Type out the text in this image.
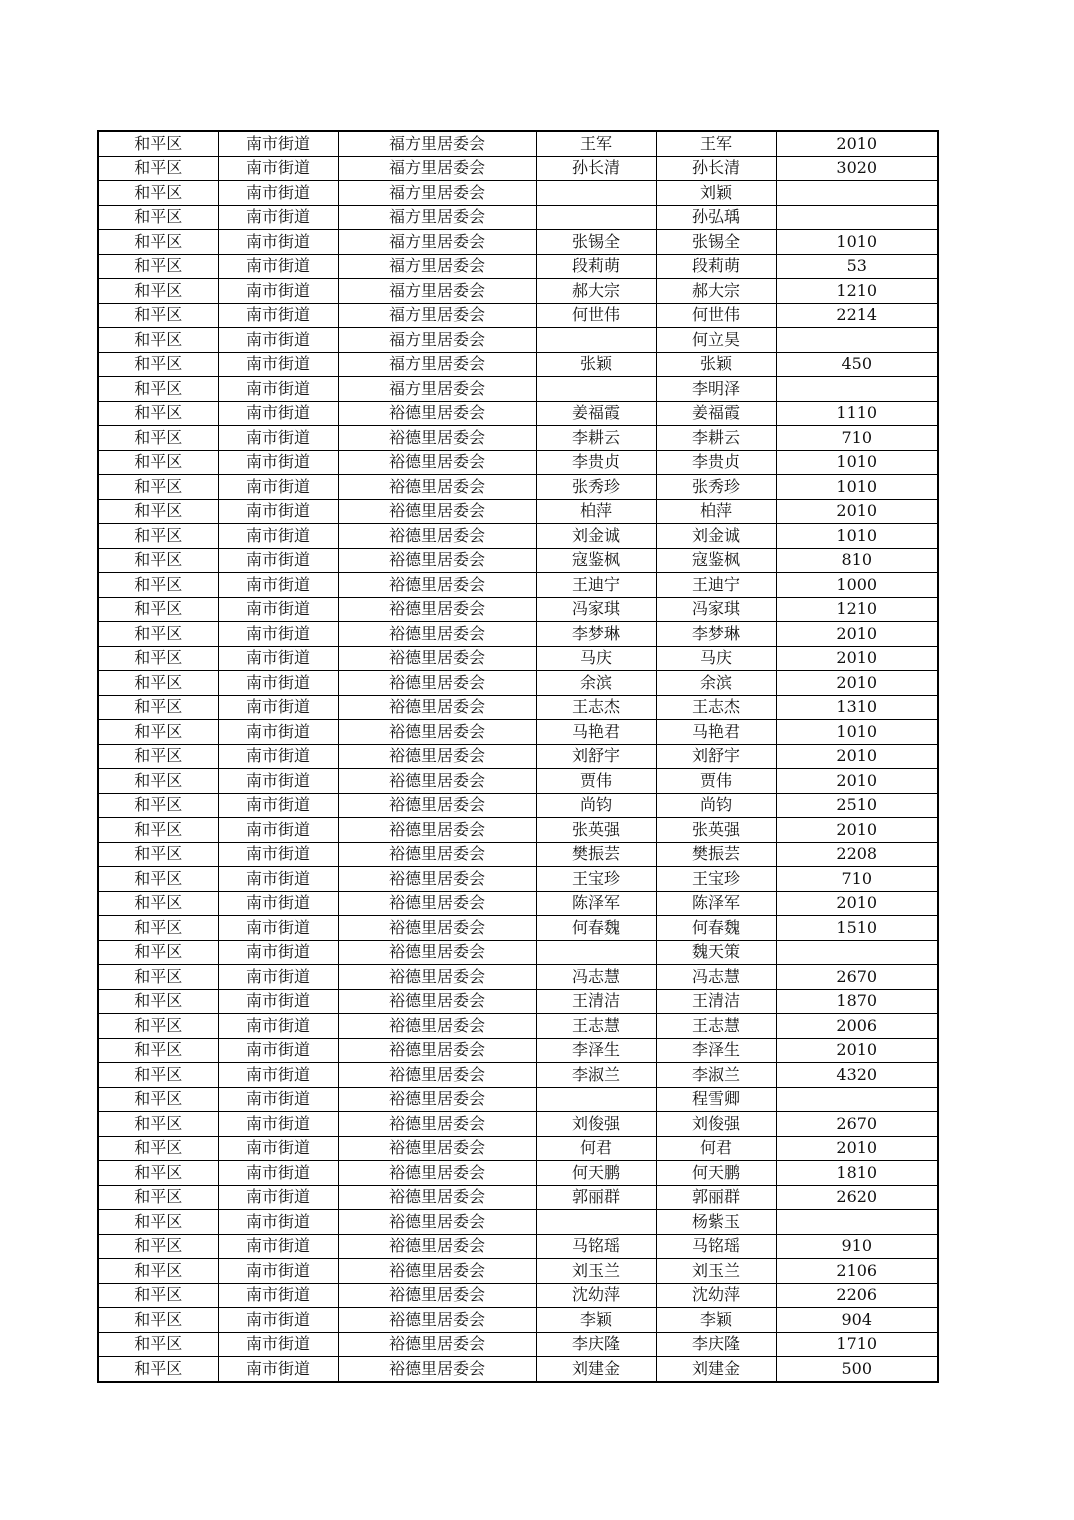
和平区	南市街道	福方里居委会	王军	王军	2010
和平区	南市街道	福方里居委会	孙长清	孙长清	3020
和平区	南市街道	福方里居委会		刘颖	
和平区	南市街道	福方里居委会		孙弘瑀	
和平区	南市街道	福方里居委会	张锡全	张锡全	1010
和平区	南市街道	福方里居委会	段莉萌	段莉萌	53
和平区	南市街道	福方里居委会	郝大宗	郝大宗	1210
和平区	南市街道	福方里居委会	何世伟	何世伟	2214
和平区	南市街道	福方里居委会		何立昊	
和平区	南市街道	福方里居委会	张颖	张颖	450
和平区	南市街道	福方里居委会		李明泽	
和平区	南市街道	裕德里居委会	姜福霞	姜福霞	1110
和平区	南市街道	裕德里居委会	李耕云	李耕云	710
和平区	南市街道	裕德里居委会	李贵贞	李贵贞	1010
和平区	南市街道	裕德里居委会	张秀珍	张秀珍	1010
和平区	南市街道	裕德里居委会	柏萍	柏萍	2010
和平区	南市街道	裕德里居委会	刘金诚	刘金诚	1010
和平区	南市街道	裕德里居委会	寇鉴枫	寇鉴枫	810
和平区	南市街道	裕德里居委会	王迪宁	王迪宁	1000
和平区	南市街道	裕德里居委会	冯家琪	冯家琪	1210
和平区	南市街道	裕德里居委会	李梦琳	李梦琳	2010
和平区	南市街道	裕德里居委会	马庆	马庆	2010
和平区	南市街道	裕德里居委会	余滨	余滨	2010
和平区	南市街道	裕德里居委会	王志杰	王志杰	1310
和平区	南市街道	裕德里居委会	马艳君	马艳君	1010
和平区	南市街道	裕德里居委会	刘舒宇	刘舒宇	2010
和平区	南市街道	裕德里居委会	贾伟	贾伟	2010
和平区	南市街道	裕德里居委会	尚钧	尚钧	2510
和平区	南市街道	裕德里居委会	张英强	张英强	2010
和平区	南市街道	裕德里居委会	樊振芸	樊振芸	2208
和平区	南市街道	裕德里居委会	王宝珍	王宝珍	710
和平区	南市街道	裕德里居委会	陈泽军	陈泽军	2010
和平区	南市街道	裕德里居委会	何春魏	何春魏	1510
和平区	南市街道	裕德里居委会		魏天策	
和平区	南市街道	裕德里居委会	冯志慧	冯志慧	2670
和平区	南市街道	裕德里居委会	王清洁	王清洁	1870
和平区	南市街道	裕德里居委会	王志慧	王志慧	2006
和平区	南市街道	裕德里居委会	李泽生	李泽生	2010
和平区	南市街道	裕德里居委会	李淑兰	李淑兰	4320
和平区	南市街道	裕德里居委会		程雪卿	
和平区	南市街道	裕德里居委会	刘俊强	刘俊强	2670
和平区	南市街道	裕德里居委会	何君	何君	2010
和平区	南市街道	裕德里居委会	何天鹏	何天鹏	1810
和平区	南市街道	裕德里居委会	郭丽群	郭丽群	2620
和平区	南市街道	裕德里居委会		杨紫玉	
和平区	南市街道	裕德里居委会	马铭瑶	马铭瑶	910
和平区	南市街道	裕德里居委会	刘玉兰	刘玉兰	2106
和平区	南市街道	裕德里居委会	沈幼萍	沈幼萍	2206
和平区	南市街道	裕德里居委会	李颖	李颖	904
和平区	南市街道	裕德里居委会	李庆隆	李庆隆	1710
和平区	南市街道	裕德里居委会	刘建金	刘建金	500
